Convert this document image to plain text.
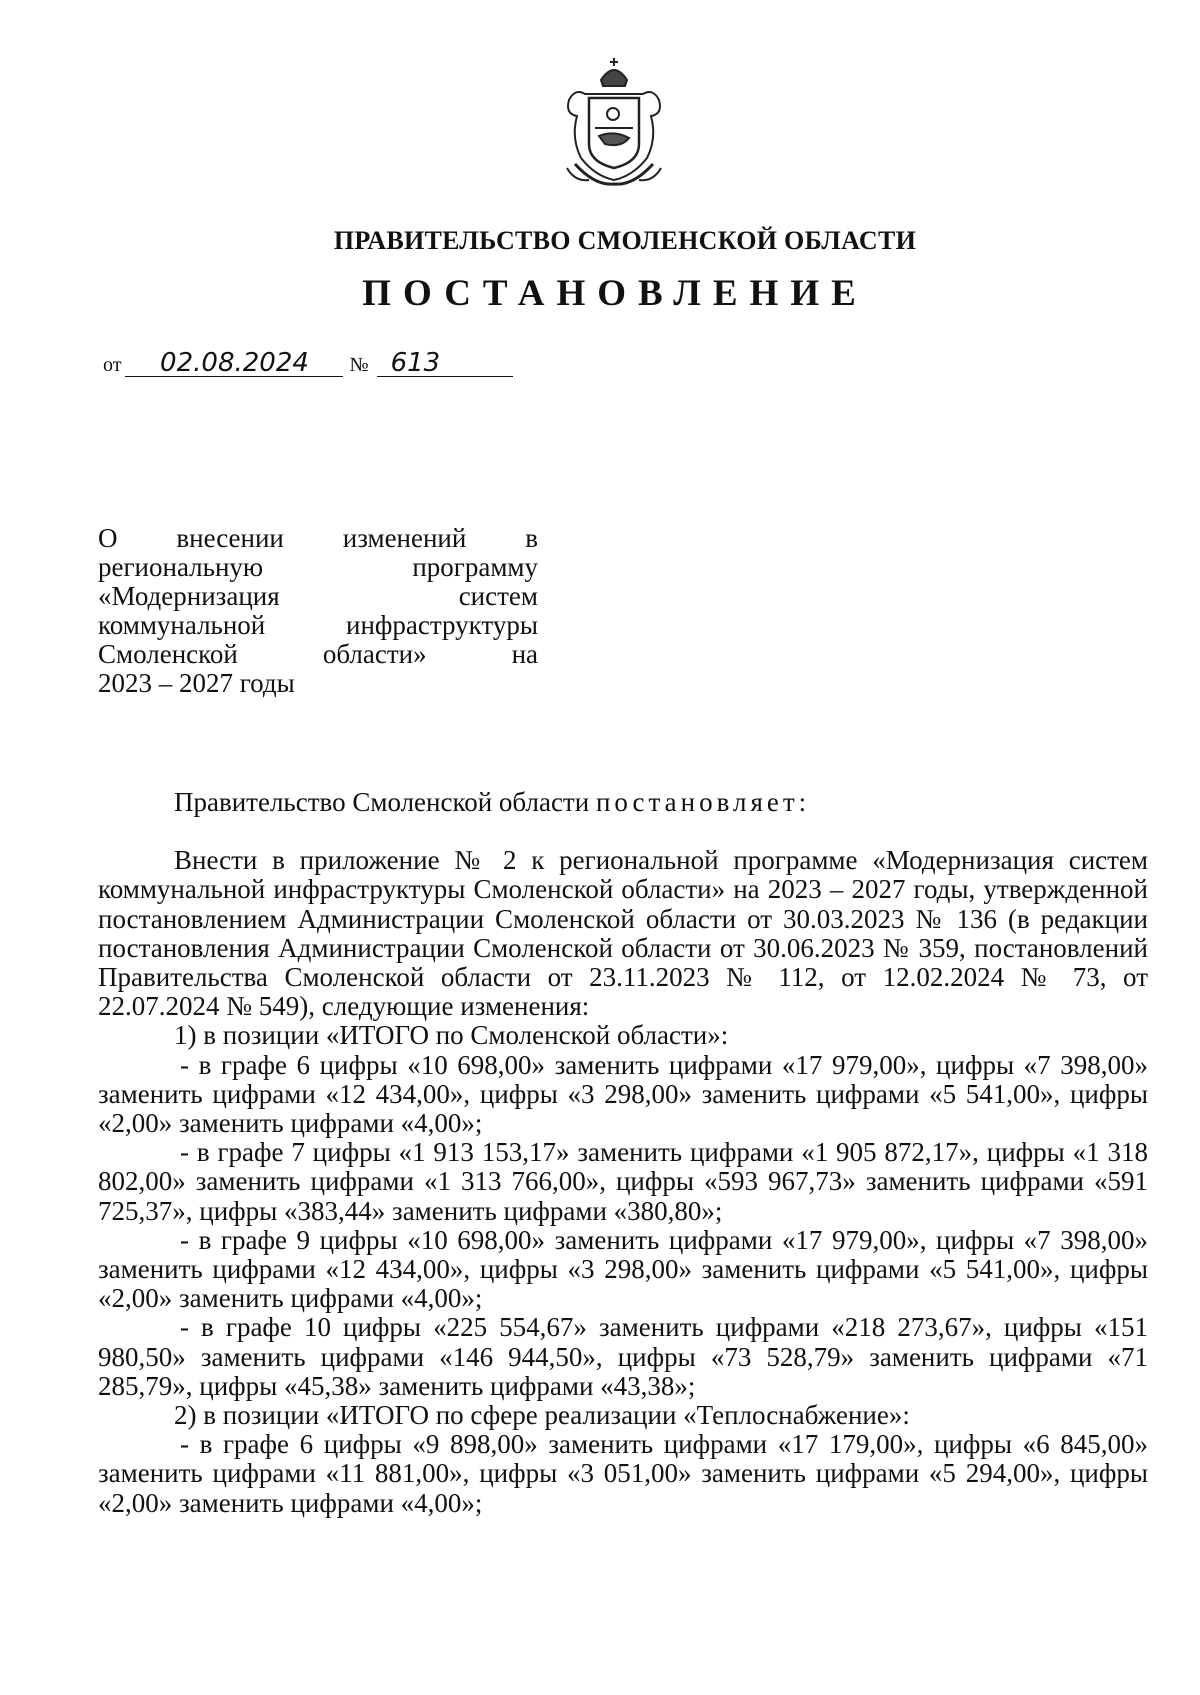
ПРАВИТЕЛЬСТВО СМОЛЕНСКОЙ ОБЛАСТИ
ПОСТАНОВЛЕНИЕ
от	02.08.2024	№ 613
О внесении изменений в
региональную	программу
«Модернизация	систем
коммунальной	инфраструктуры
Смоленской	области»	на
2023 – 2027 годы

Правительство Смоленской области постановляет:

Внести в приложение № 2 к региональной программе «Модернизация систем коммунальной инфраструктуры Смоленской области» на 2023 – 2027 годы, утвержденной постановлением Администрации Смоленской области от 30.03.2023 № 136 (в редакции постановления Администрации Смоленской области от 30.06.2023 № 359, постановлений Правительства Смоленской области от 23.11.2023 № 112, от 12.02.2024 № 73, от 22.07.2024 № 549), следующие изменения:

1) в позиции «ИТОГО по Смоленской области»:

- в графе 6 цифры «10 698,00» заменить цифрами «17 979,00», цифры «7 398,00» заменить цифрами «12 434,00», цифры «3 298,00» заменить цифрами «5 541,00», цифры «2,00» заменить цифрами «4,00»;

- в графе 7 цифры «1 913 153,17» заменить цифрами «1 905 872,17», цифры «1 318 802,00» заменить цифрами «1 313 766,00», цифры «593 967,73» заменить цифрами «591 725,37», цифры «383,44» заменить цифрами «380,80»;

- в графе 9 цифры «10 698,00» заменить цифрами «17 979,00», цифры «7 398,00» заменить цифрами «12 434,00», цифры «3 298,00» заменить цифрами «5 541,00», цифры «2,00» заменить цифрами «4,00»;

- в графе 10 цифры «225 554,67» заменить цифрами «218 273,67», цифры «151 980,50» заменить цифрами «146 944,50», цифры «73 528,79» заменить цифрами «71 285,79», цифры «45,38» заменить цифрами «43,38»;

2) в позиции «ИТОГО по сфере реализации «Теплоснабжение»:

- в графе 6 цифры «9 898,00» заменить цифрами «17 179,00», цифры «6 845,00» заменить цифрами «11 881,00», цифры «3 051,00» заменить цифрами «5 294,00», цифры «2,00» заменить цифрами «4,00»;
